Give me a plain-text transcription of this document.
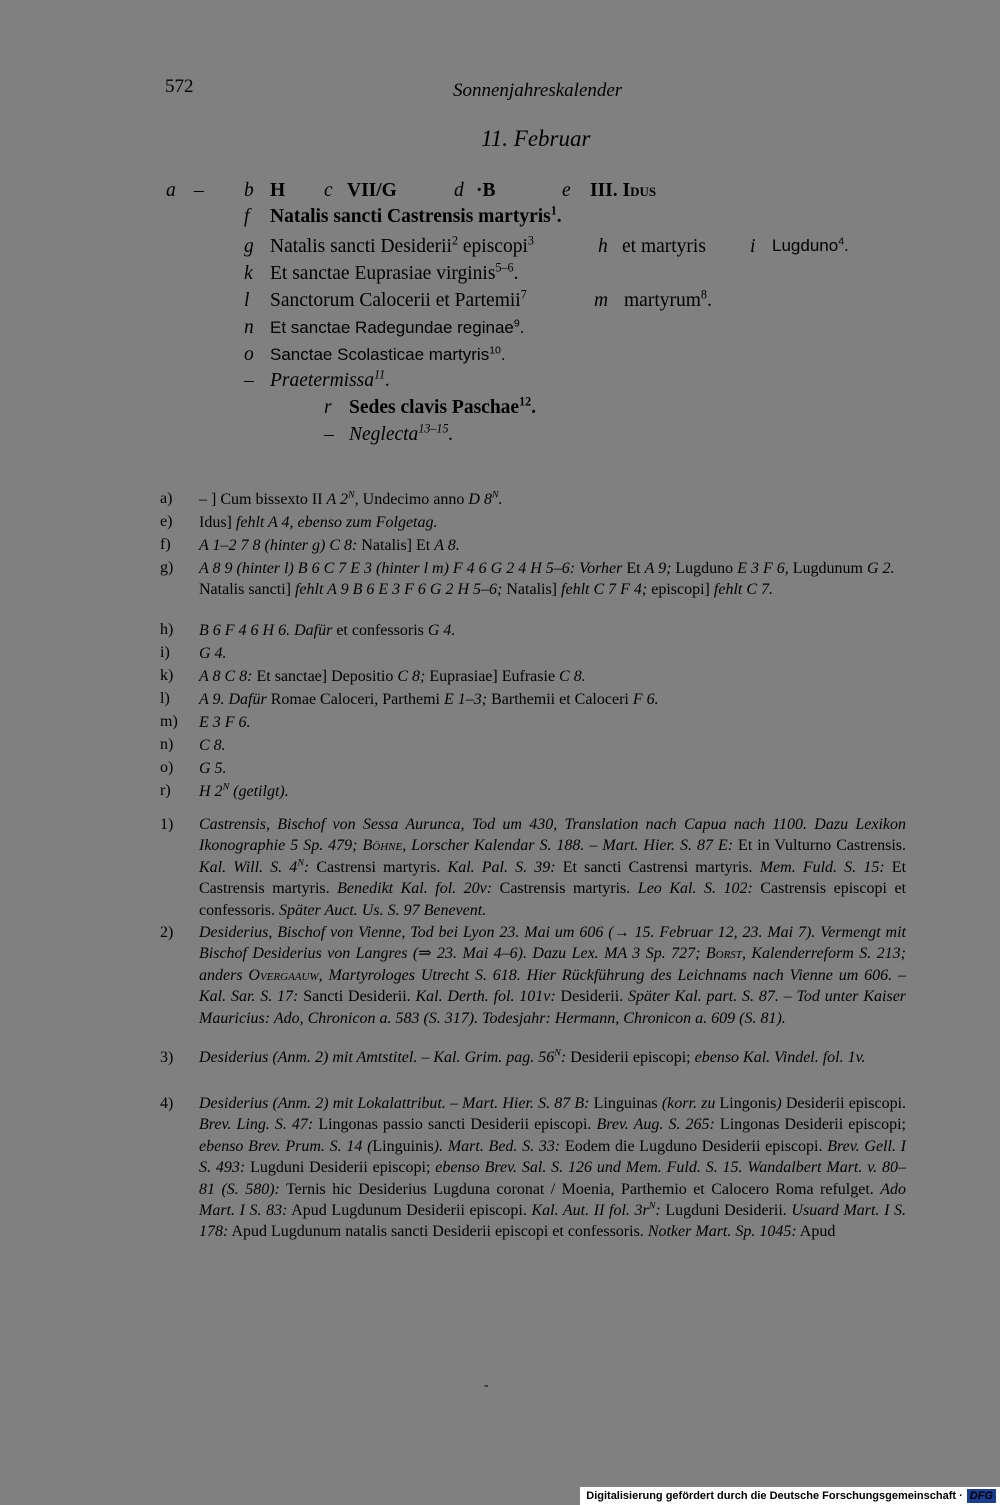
572	Sonnenjahreskalender
11. Februar
a – b H c VII/G	d ·B	e III. Idus
f Natalis sancti Castrensis martyris$^1$.
g Natalis sancti Desiderii$^2$ episcopi$^3$	h et martyris i Lugduno$^4$.
k Et sanctae Euprasiae virginis$^{5-6}$.
l Sanctorum Calocerii et Partemii$^7$	m martyrum$^8$.
n Et sanctae Radegundae reginae$^9$.
o Sanctae Scolasticae martyris$^{10}$.
– Praetermissa$^{11}$.
r Sedes clavis Paschae$^{12}$.
– Neglecta$^{13-15}$.
a)	– ] Cum bissexto II A $2^N$, Undecimo anno D $8^N$.
e)	Idus] fehlt A 4, ebenso zum Folgetag.
f)	A 1–2 7 8 (hinter g) C 8: Natalis] Et A 8.
g)	A 8 9 (hinter l) B 6 C 7 E 3 (hinter l m) F 4 6 G 2 4 H 5–6: Vorher Et A 9; Lugduno E 3 F 6, Lugdunum G 2. Natalis sancti] fehlt A 9 B 6 E 3 F 6 G 2 H 5–6; Natalis] fehlt C 7 F 4; episcopi] fehlt C 7.
h)	B 6 F 4 6 H 6. Dafür et confessoris G 4.
i)	G 4.
k)	A 8 C 8: Et sanctae] Depositio C 8; Euprasiae] Eufrasie C 8.
l)	A 9. Dafür Romae Caloceri, Parthemi E 1–3; Barthemii et Caloceri F 6.
m)	E 3 F 6.
n)	C 8.
o)	G 5.
r)	H $2^N$ (getilgt).
1)	Castrensis, Bischof von Sessa Aurunca, Tod um 430, Translation nach Capua nach 1100. Dazu Lexikon Ikonographie 5 Sp. 479; Böhne, Lorscher Kalendar S. 188. – Mart. Hier. S. 87 E: Et in Vulturno Castrensis. Kal. Will. S. $4^N$: Castrensi martyris. Kal. Pal. S. 39: Et sancti Castrensi martyris. Mem. Fuld. S. 15: Et Castrensis martyris. Benedikt Kal. fol. 20v: Castrensis martyris. Leo Kal. S. 102: Castrensis episcopi et confessoris. Später Auct. Us. S. 97 Benevent.
2)	Desiderius, Bischof von Vienne, Tod bei Lyon 23. Mai um 606 (→ 15. Februar 12, 23. Mai 7). Vermengt mit Bischof Desiderius von Langres (⇒ 23. Mai 4–6). Dazu Lex. MA 3 Sp. 727; Borst, Kalenderreform S. 213; anders Overgaauw, Martyrologes Utrecht S. 618. Hier Rückführung des Leichnams nach Vienne um 606. – Kal. Sar. S. 17: Sancti Desiderii. Kal. Derth. fol. 101v: Desiderii. Später Kal. part. S. 87. – Tod unter Kaiser Mauricius: Ado, Chronicon a. 583 (S. 317). Todesjahr: Hermann, Chronicon a. 609 (S. 81).
3)	Desiderius (Anm. 2) mit Amtstitel. – Kal. Grim. pag. $56^N$: Desiderii episcopi; ebenso Kal. Vindel. fol. 1v.
4)	Desiderius (Anm. 2) mit Lokalattribut. – Mart. Hier. S. 87 B: Linguinas (korr. zu Lingonis) Desiderii episcopi. Brev. Ling. S. 47: Lingonas passio sancti Desiderii episcopi. Brev. Aug. S. 265: Lingonas Desiderii episcopi; ebenso Brev. Prum. S. 14 (Linguinis). Mart. Bed. S. 33: Eodem die Lugduno Desiderii episcopi. Brev. Gell. I S. 493: Lugduni Desiderii episcopi; ebenso Brev. Sal. S. 126 und Mem. Fuld. S. 15. Wandalbert Mart. v. 80–81 (S. 580): Ternis hic Desiderius Lugduna coronat / Moenia, Parthemio et Calocero Roma refulget. Ado Mart. I S. 83: Apud Lugdunum Desiderii episcopi. Kal. Aut. II fol. $3r^N$: Lugduni Desiderii. Usuard Mart. I S. 178: Apud Lugdunum natalis sancti Desiderii episcopi et confessoris. Notker Mart. Sp. 1045: Apud
-
Digitalisierung gefördert durch die Deutsche Forschungsgemeinschaft · DFG
